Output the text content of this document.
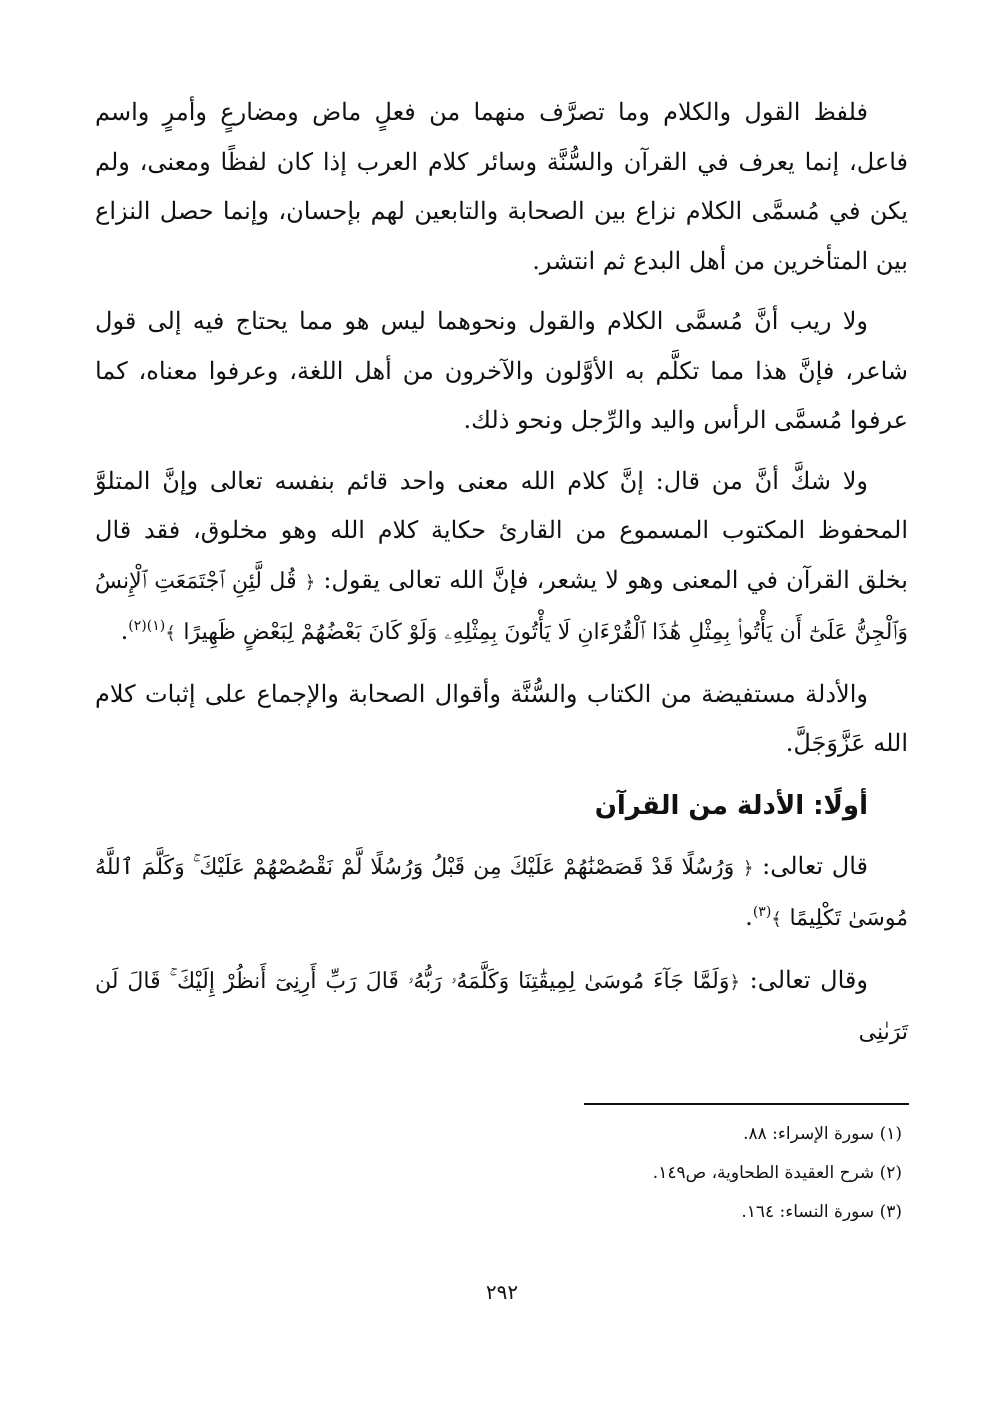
فلفظ القول والكلام وما تصرَّف منهما من فعلٍ ماض ومضارعٍ وأمرٍ واسم فاعل، إنما يعرف في القرآن والسُّنَّة وسائر كلام العرب إذا كان لفظًا ومعنى، ولم يكن في مُسمَّى الكلام نزاع بين الصحابة والتابعين لهم بإحسان، وإنما حصل النزاع بين المتأخرين من أهل البدع ثم انتشر.

ولا ريب أنَّ مُسمَّى الكلام والقول ونحوهما ليس هو مما يحتاج فيه إلى قول شاعر، فإنَّ هذا مما تكلَّم به الأوَّلون والآخرون من أهل اللغة، وعرفوا معناه، كما عرفوا مُسمَّى الرأس واليد والرِّجل ونحو ذلك.

ولا شكَّ أنَّ من قال: إنَّ كلام الله معنى واحد قائم بنفسه تعالى وإنَّ المتلوَّ المحفوظ المكتوب المسموع من القارئ حكاية كلام الله وهو مخلوق، فقد قال بخلق القرآن في المعنى وهو لا يشعر، فإنَّ الله تعالى يقول: ﴿ قُل لَّئِنِ ٱجْتَمَعَتِ ٱلْإِنسُ وَٱلْجِنُّ عَلَىٰٓ أَن يَأْتُوا۟ بِمِثْلِ هَٰذَا ٱلْقُرْءَانِ لَا يَأْتُونَ بِمِثْلِهِۦ وَلَوْ كَانَ بَعْضُهُمْ لِبَعْضٍ ظَهِيرًا ﴾$^{(١)(٢)}$.

والأدلة مستفيضة من الكتاب والسُّنَّة وأقوال الصحابة والإجماع على إثبات كلام الله عَزَّوَجَلَّ.

أولًا: الأدلة من القرآن

قال تعالى: ﴿ وَرُسُلًا قَدْ قَصَصْنَٰهُمْ عَلَيْكَ مِن قَبْلُ وَرُسُلًا لَّمْ نَقْصُصْهُمْ عَلَيْكَ ۚ وَكَلَّمَ ٱللَّهُ مُوسَىٰ تَكْلِيمًا ﴾$^{(٣)}$.

وقال تعالى: ﴿وَلَمَّا جَآءَ مُوسَىٰ لِمِيقَٰتِنَا وَكَلَّمَهُۥ رَبُّهُۥ قَالَ رَبِّ أَرِنِىٓ أَنظُرْ إِلَيْكَ ۚ قَالَ لَن تَرَىٰنِى

(١) سورة الإسراء: ٨٨.
(٢) شرح العقيدة الطحاوية، ص١٤٩.
(٣) سورة النساء: ١٦٤.
٢٩٢
